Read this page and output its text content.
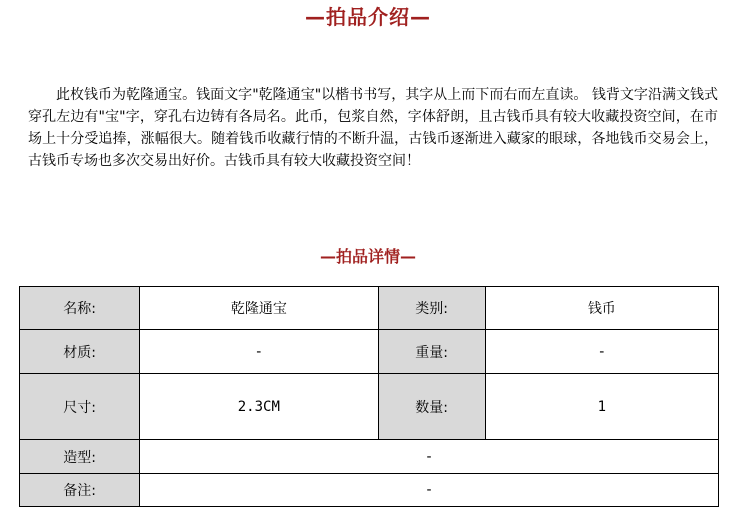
—拍品介绍—

此枚钱币为乾隆通宝。钱面文字"乾隆通宝"以楷书书写，其字从上而下而右而左直读。 钱背文字沿满文钱式穿孔左边有"宝"字，穿孔右边铸有各局名。此币，包浆自然，字体舒朗，且古钱币具有较大收藏投资空间，在市场上十分受追捧，涨幅很大。随着钱币收藏行情的不断升温，古钱币逐渐进入藏家的眼球，各地钱币交易会上，古钱币专场也多次交易出好价。古钱币具有较大收藏投资空间！

—拍品详情—
名称:	乾隆通宝	类别:	钱币
材质:	-	重量:	-
尺寸:	2.3CM	数量:	1
造型:	-		
备注:	-		
